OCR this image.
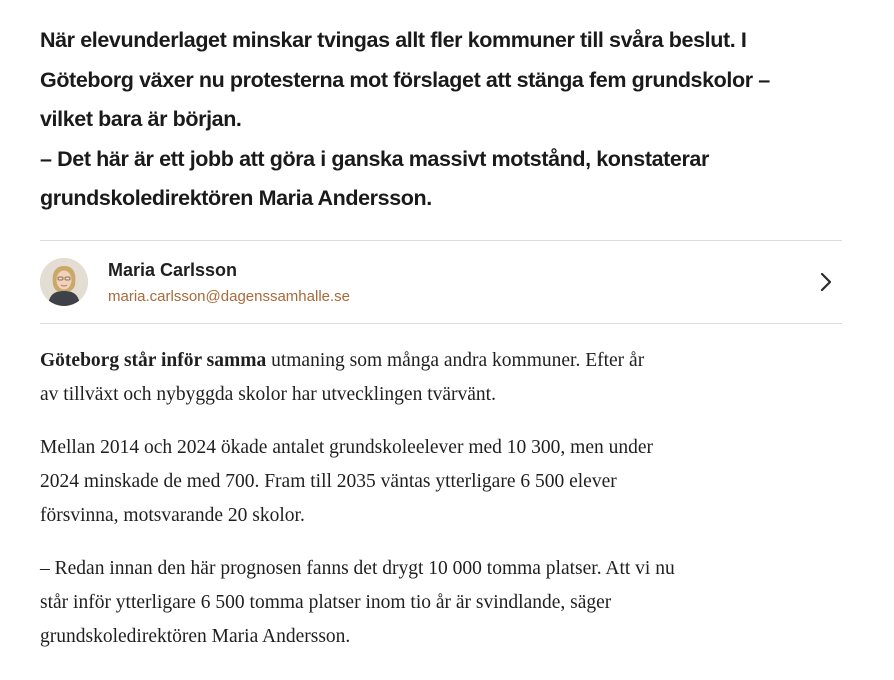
När elevunderlaget minskar tvingas allt fler kommuner till svåra beslut. I

Göteborg växer nu protesterna mot förslaget att stänga fem grundskolor –

vilket bara är början.

– Det här är ett jobb att göra i ganska massivt motstånd, konstaterar

grundskoledirektören Maria Andersson.

Maria Carlsson
maria.carlsson@dagenssamhalle.se

Göteborg står inför samma utmaning som många andra kommuner. Efter år
av tillväxt och nybyggda skolor har utvecklingen tvärvänt.

Mellan 2014 och 2024 ökade antalet grundskoleelever med 10 300, men under
2024 minskade de med 700. Fram till 2035 väntas ytterligare 6 500 elever
försvinna, motsvarande 20 skolor.

– Redan innan den här prognosen fanns det drygt 10 000 tomma platser. Att vi nu
står inför ytterligare 6 500 tomma platser inom tio år är svindlande, säger
grundskoledirektören Maria Andersson.
